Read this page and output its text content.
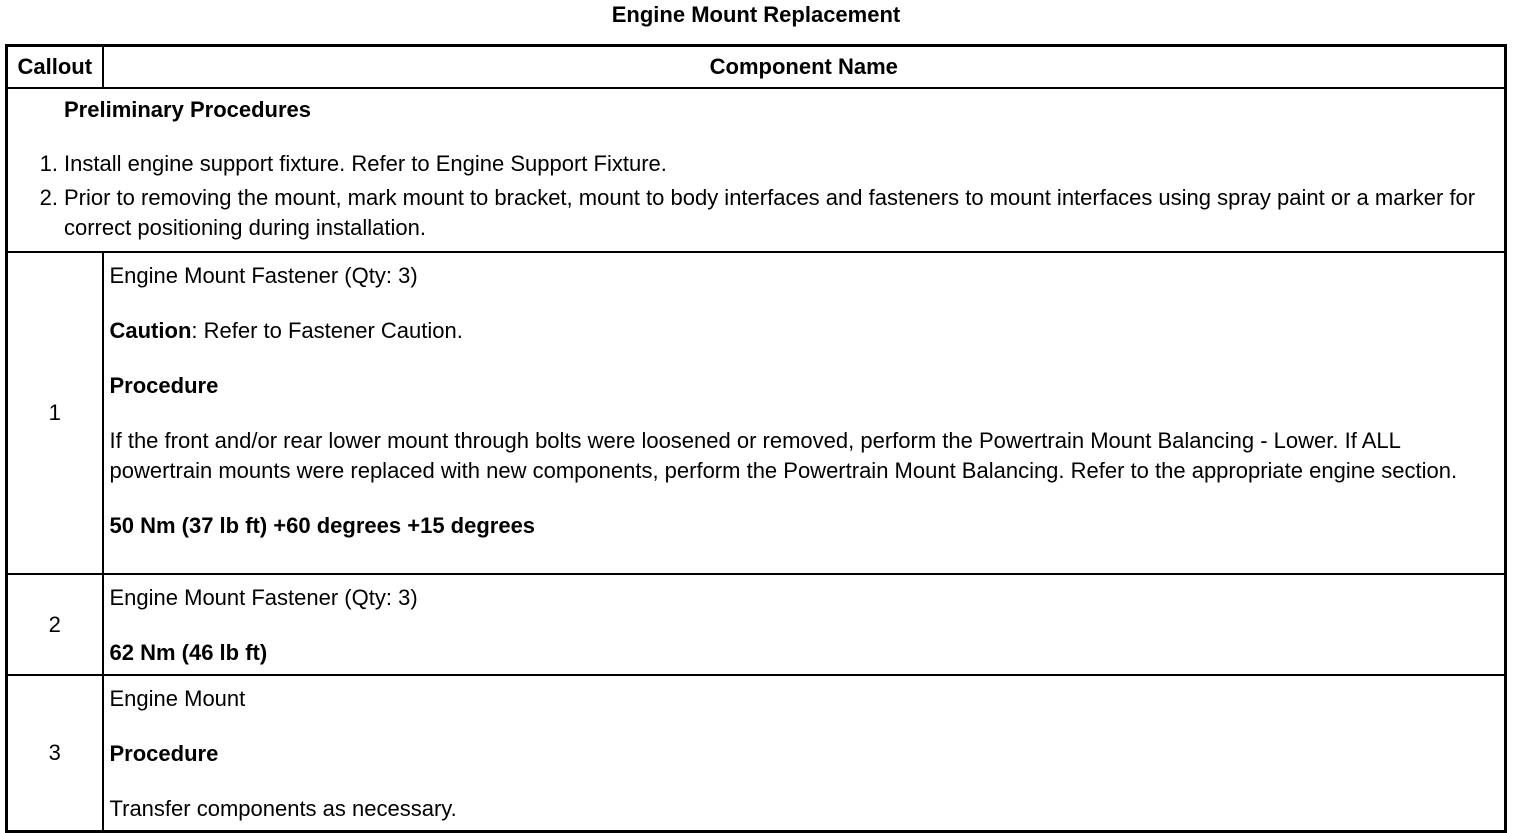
Engine Mount Replacement
Callout	Component Name

Preliminary Procedures
1. Install engine support fixture. Refer to Engine Support Fixture.
2. Prior to removing the mount, mark mount to bracket, mount to body interfaces and fasteners to mount interfaces using spray paint or a marker for correct positioning during installation.	

1	Engine Mount Fastener (Qty: 3)
Caution: Refer to Fastener Caution.
Procedure
If the front and/or rear lower mount through bolts were loosened or removed, perform the Powertrain Mount Balancing - Lower. If ALL powertrain mounts were replaced with new components, perform the Powertrain Mount Balancing. Refer to the appropriate engine section.
50 Nm (37 lb ft) +60 degrees +15 degrees

2	Engine Mount Fastener (Qty: 3)
62 Nm (46 lb ft)

3	Engine Mount
Procedure
Transfer components as necessary.
